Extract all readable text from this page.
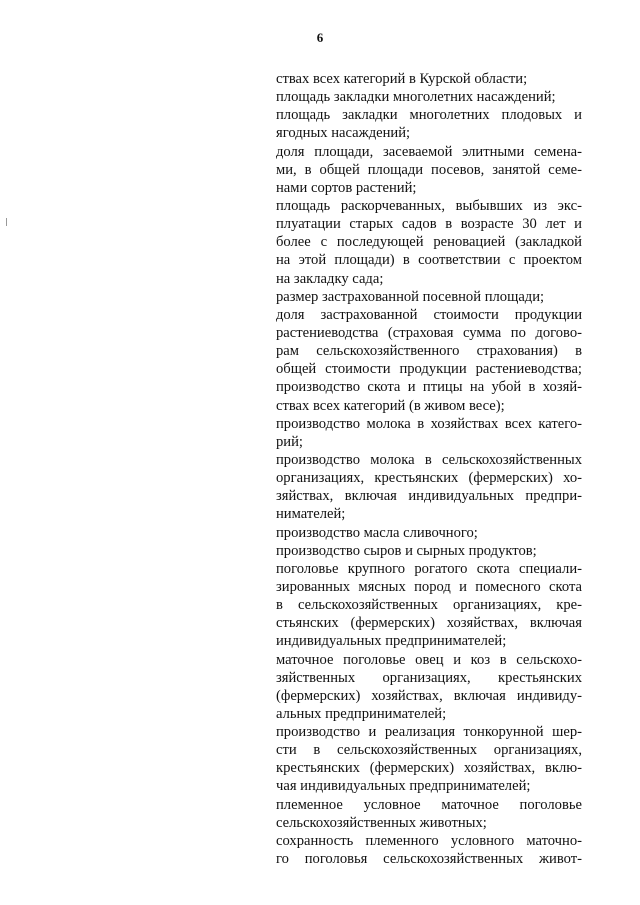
6
ствах всех категорий в Курской области;
площадь закладки многолетних насаждений;
площадь закладки многолетних плодовых и
ягодных насаждений;
доля площади, засеваемой элитными семена-
ми, в общей площади посевов, занятой семе-
нами сортов растений;
площадь раскорчеванных, выбывших из экс-
плуатации старых садов в возрасте 30 лет и
более с последующей реновацией (закладкой
на этой площади) в соответствии с проектом
на закладку сада;
размер застрахованной посевной площади;
доля застрахованной стоимости продукции
растениеводства (страховая сумма по догово-
рам сельскохозяйственного страхования) в
общей стоимости продукции растениеводства;
производство скота и птицы на убой в хозяй-
ствах всех категорий (в живом весе);
производство молока в хозяйствах всех катего-
рий;
производство молока в сельскохозяйственных
организациях, крестьянских (фермерских) хо-
зяйствах, включая индивидуальных предпри-
нимателей;
производство масла сливочного;
производство сыров и сырных продуктов;
поголовье крупного рогатого скота специали-
зированных мясных пород и помесного скота
в сельскохозяйственных организациях, кре-
стьянских (фермерских) хозяйствах, включая
индивидуальных предпринимателей;
маточное поголовье овец и коз в сельскохо-
зяйственных организациях, крестьянских
(фермерских) хозяйствах, включая индивиду-
альных предпринимателей;
производство и реализация тонкорунной шер-
сти в сельскохозяйственных организациях,
крестьянских (фермерских) хозяйствах, вклю-
чая индивидуальных предпринимателей;
племенное условное маточное поголовье
сельскохозяйственных животных;
сохранность племенного условного маточно-
го поголовья сельскохозяйственных живот-
